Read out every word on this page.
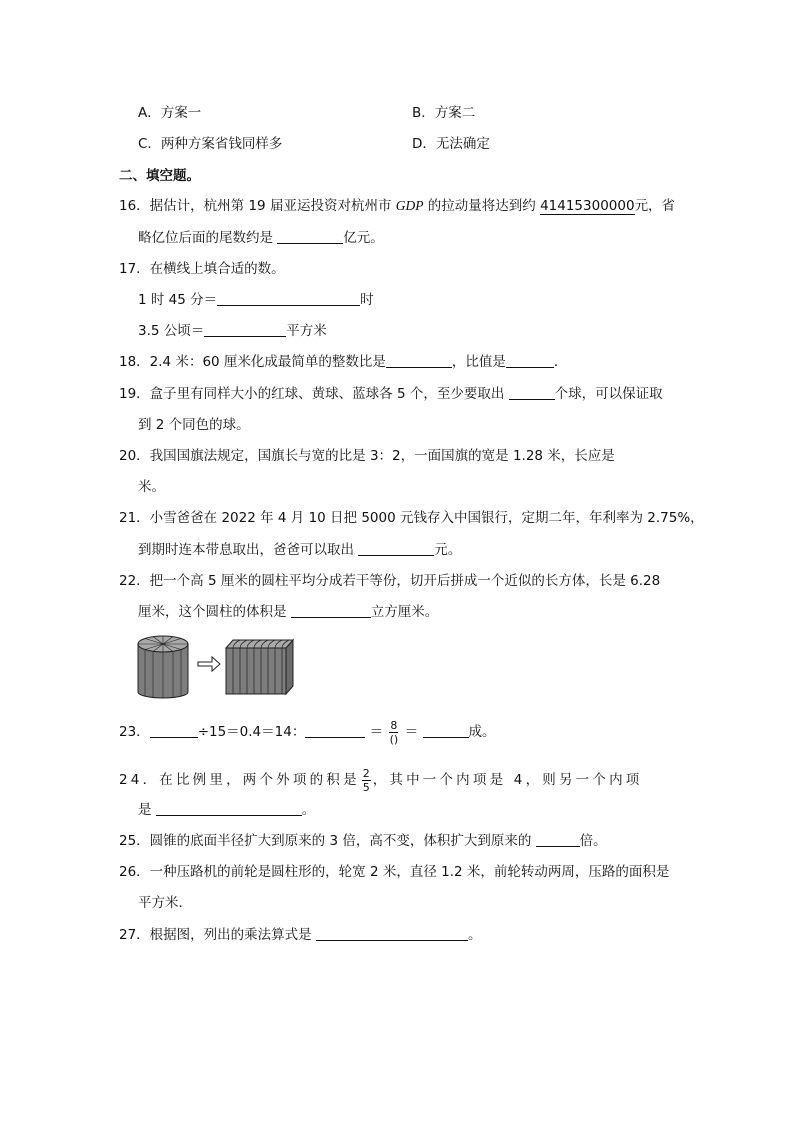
A．方案一	B．方案二
C．两种方案省钱同样多	D．无法确定
二、填空题。
16．据估计，杭州第 19 届亚运投资对杭州市 GDP 的拉动量将达到约 41415300000元，省
略亿位后面的尾数约是	亿元。
17．在横线上填合适的数。
1 时 45 分＝	时
3.5 公顷＝	平方米
18．2.4 米：60 厘米化成最简单的整数比是	，比值是	．
19．盒子里有同样大小的红球、黄球、蓝球各 5 个，至少要取出	个球，可以保证取
到 2 个同色的球。
20．我国国旗法规定，国旗长与宽的比是 3：2，一面国旗的宽是 1.28 米，长应是
米。
21．小雪爸爸在 2022 年 4 月 10 日把 5000 元钱存入中国银行，定期二年，年利率为 2.75%，
到期时连本带息取出，爸爸可以取出	元。
22．把一个高 5 厘米的圆柱平均分成若干等份，切开后拼成一个近似的长方体，长是 6.28
厘米，这个圆柱的体积是	立方厘米。
23．	÷15＝0.4＝14：	＝ $\frac{8}{()}$ ＝	成。
24．在比例里，两个外项的积是 $\frac{2}{5}$ ，其中一个内项是 4，则另一个内项
是	。
25．圆锥的底面半径扩大到原来的 3 倍，高不变，体积扩大到原来的	倍。
26．一种压路机的前轮是圆柱形的，轮宽 2 米，直径 1.2 米，前轮转动两周，压路的面积是
平方米．
27．根据图，列出的乘法算式是	。
